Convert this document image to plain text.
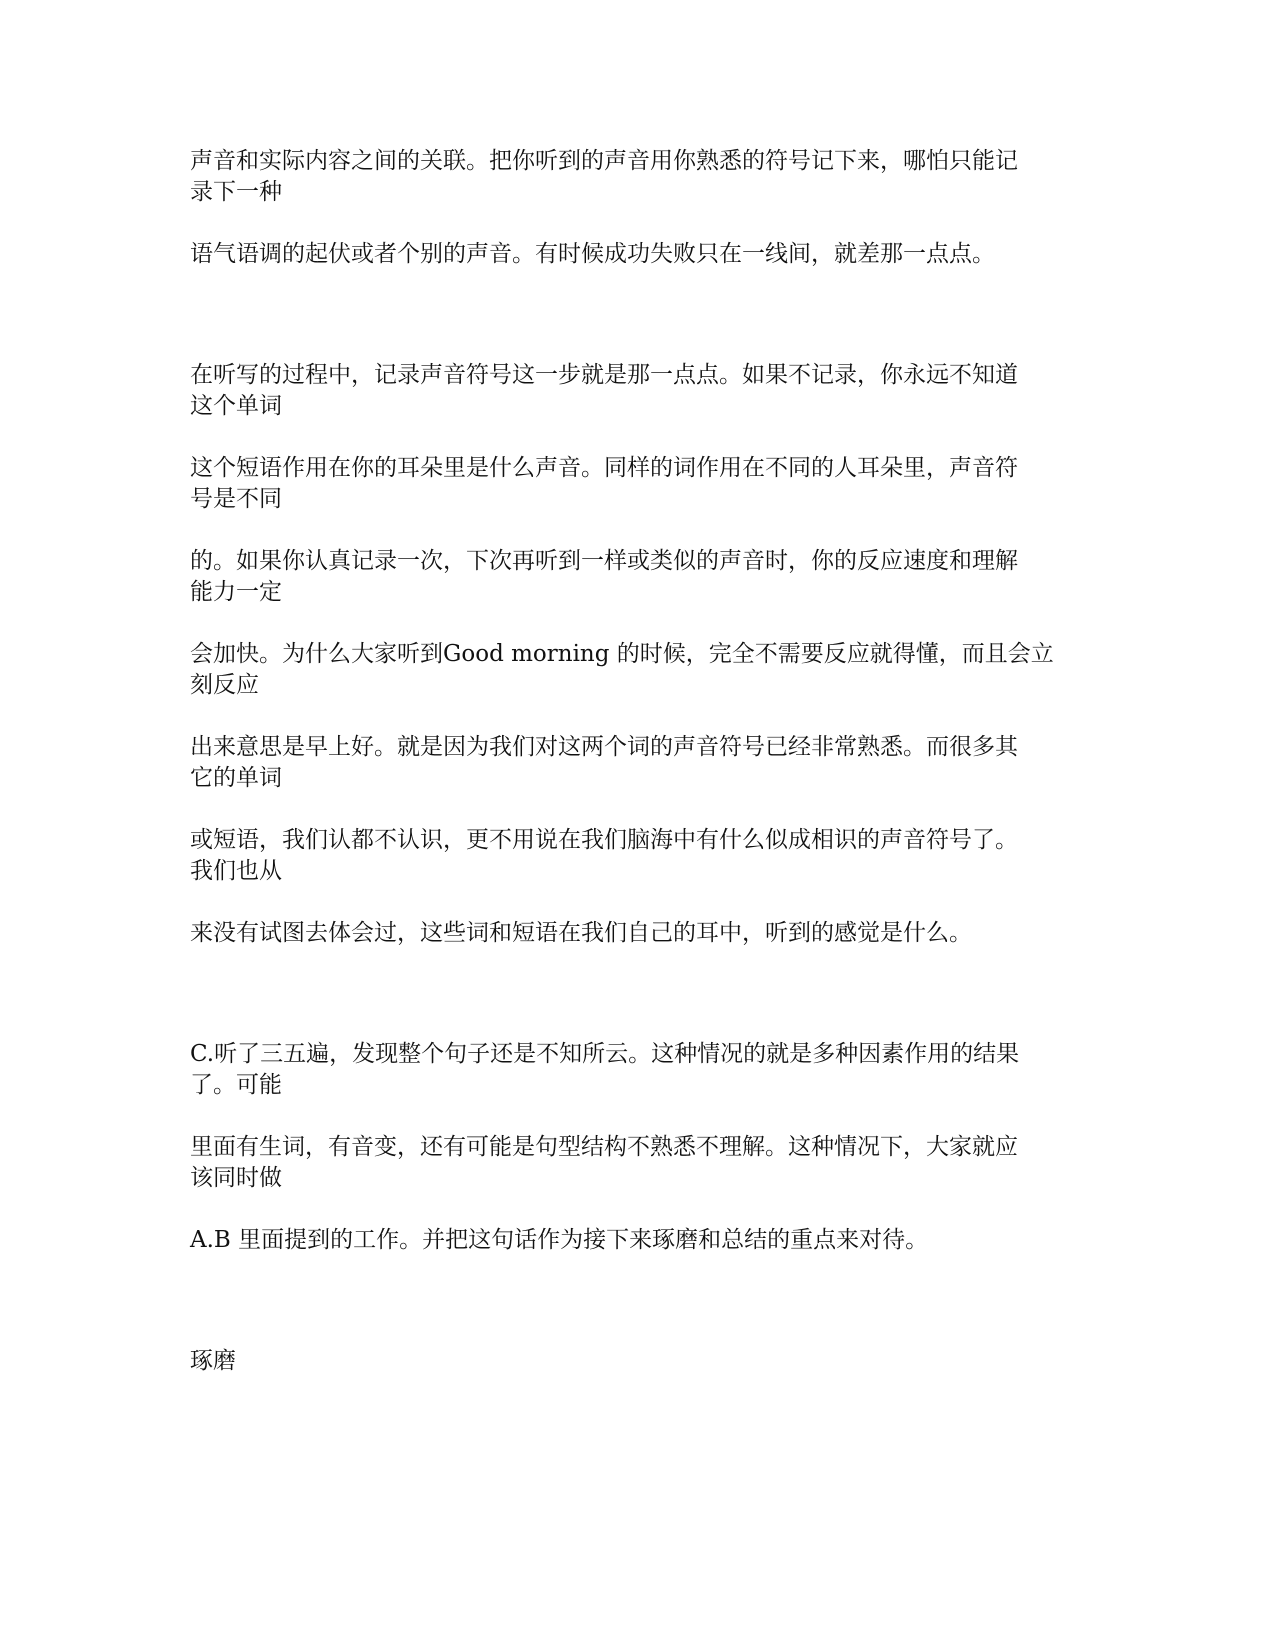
声音和实际内容之间的关联。把你听到的声音用你熟悉的符号记下来，哪怕只能记
录下一种

语气语调的起伏或者个别的声音。有时候成功失败只在一线间，就差那一点点。

在听写的过程中，记录声音符号这一步就是那一点点。如果不记录，你永远不知道
这个单词

这个短语作用在你的耳朵里是什么声音。同样的词作用在不同的人耳朵里，声音符
号是不同

的。如果你认真记录一次，下次再听到一样或类似的声音时，你的反应速度和理解
能力一定

会加快。为什么大家听到Good morning 的时候，完全不需要反应就得懂，而且会立
刻反应

出来意思是早上好。就是因为我们对这两个词的声音符号已经非常熟悉。而很多其
它的单词

或短语，我们认都不认识，更不用说在我们脑海中有什么似成相识的声音符号了。
我们也从

来没有试图去体会过，这些词和短语在我们自己的耳中，听到的感觉是什么。

C.听了三五遍，发现整个句子还是不知所云。这种情况的就是多种因素作用的结果
了。可能

里面有生词，有音变，还有可能是句型结构不熟悉不理解。这种情况下，大家就应
该同时做

A.B 里面提到的工作。并把这句话作为接下来琢磨和总结的重点来对待。

琢磨
